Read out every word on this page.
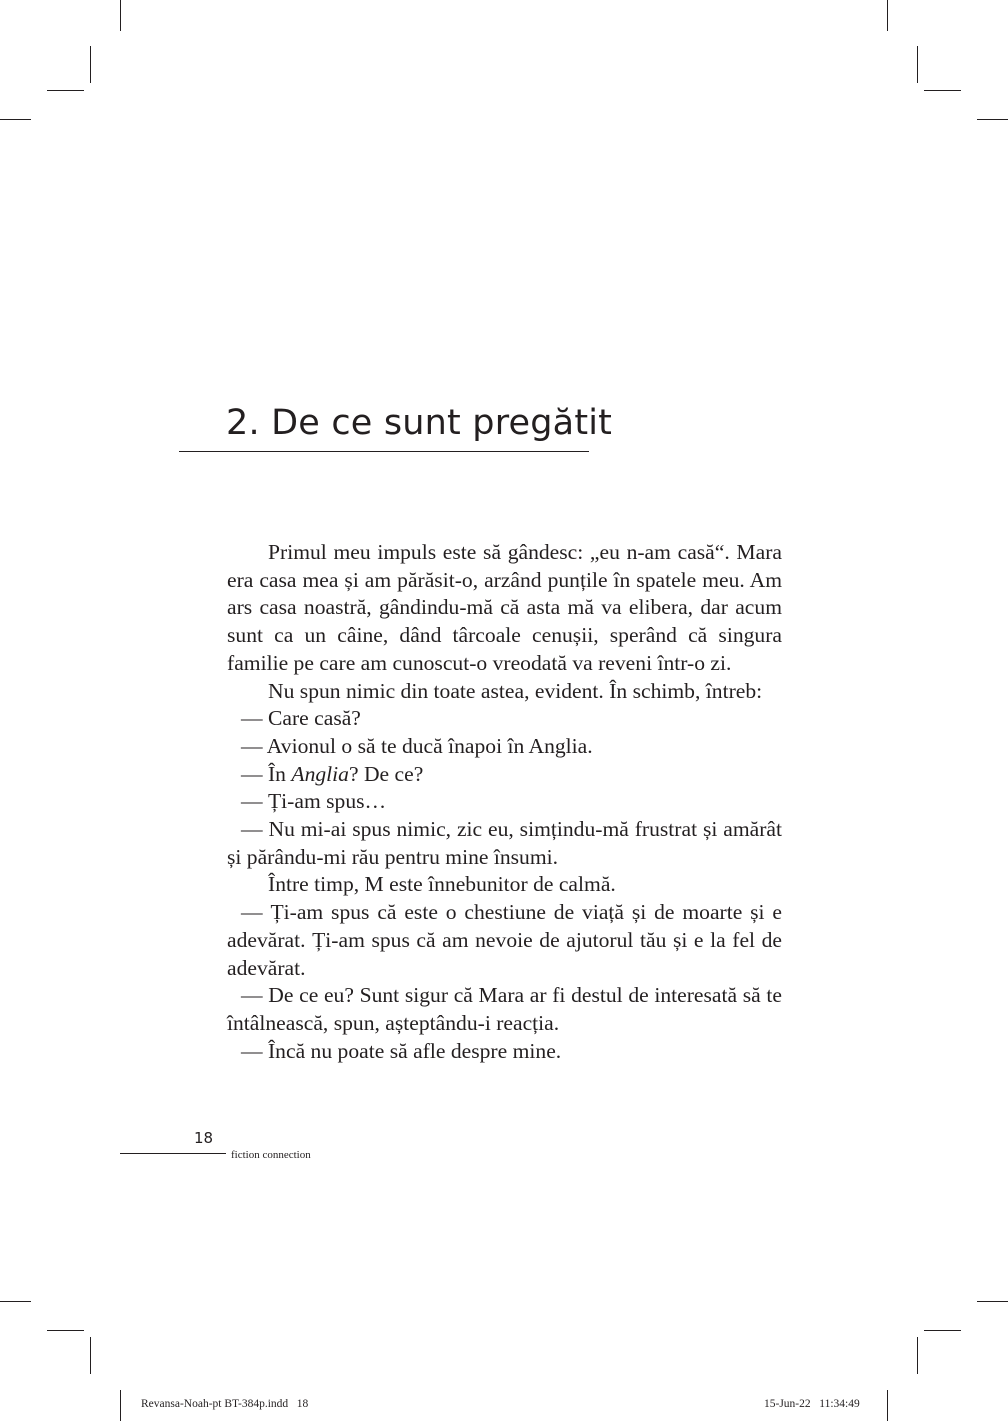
2. De ce sunt pregătit

Primul meu impuls este să gândesc: „eu n-am casă“. Mara era casa mea și am părăsit-o, arzând punțile în spatele meu. Am ars casa noastră, gândindu-mă că asta mă va elibera, dar acum sunt ca un câine, dând târcoale cenușii, sperând că singura familie pe care am cunoscut-o vreodată va reveni într-o zi.

Nu spun nimic din toate astea, evident. În schimb, întreb:

— Care casă?

— Avionul o să te ducă înapoi în Anglia.

— În Anglia? De ce?

— Ți-am spus…

— Nu mi-ai spus nimic, zic eu, simțindu-mă frustrat și amărât și părându-mi rău pentru mine însumi.

Între timp, M este înnebunitor de calmă.

— Ți-am spus că este o chestiune de viață și de moarte și e adevărat. Ți-am spus că am nevoie de ajutorul tău și e la fel de adevărat.

— De ce eu? Sunt sigur că Mara ar fi destul de interesată să te întâlnească, spun, așteptându-i reacția.

— Încă nu poate să afle despre mine.

18
fiction connection
Revansa-Noah-pt BT-384p.indd   18	15-Jun-22   11:34:49
